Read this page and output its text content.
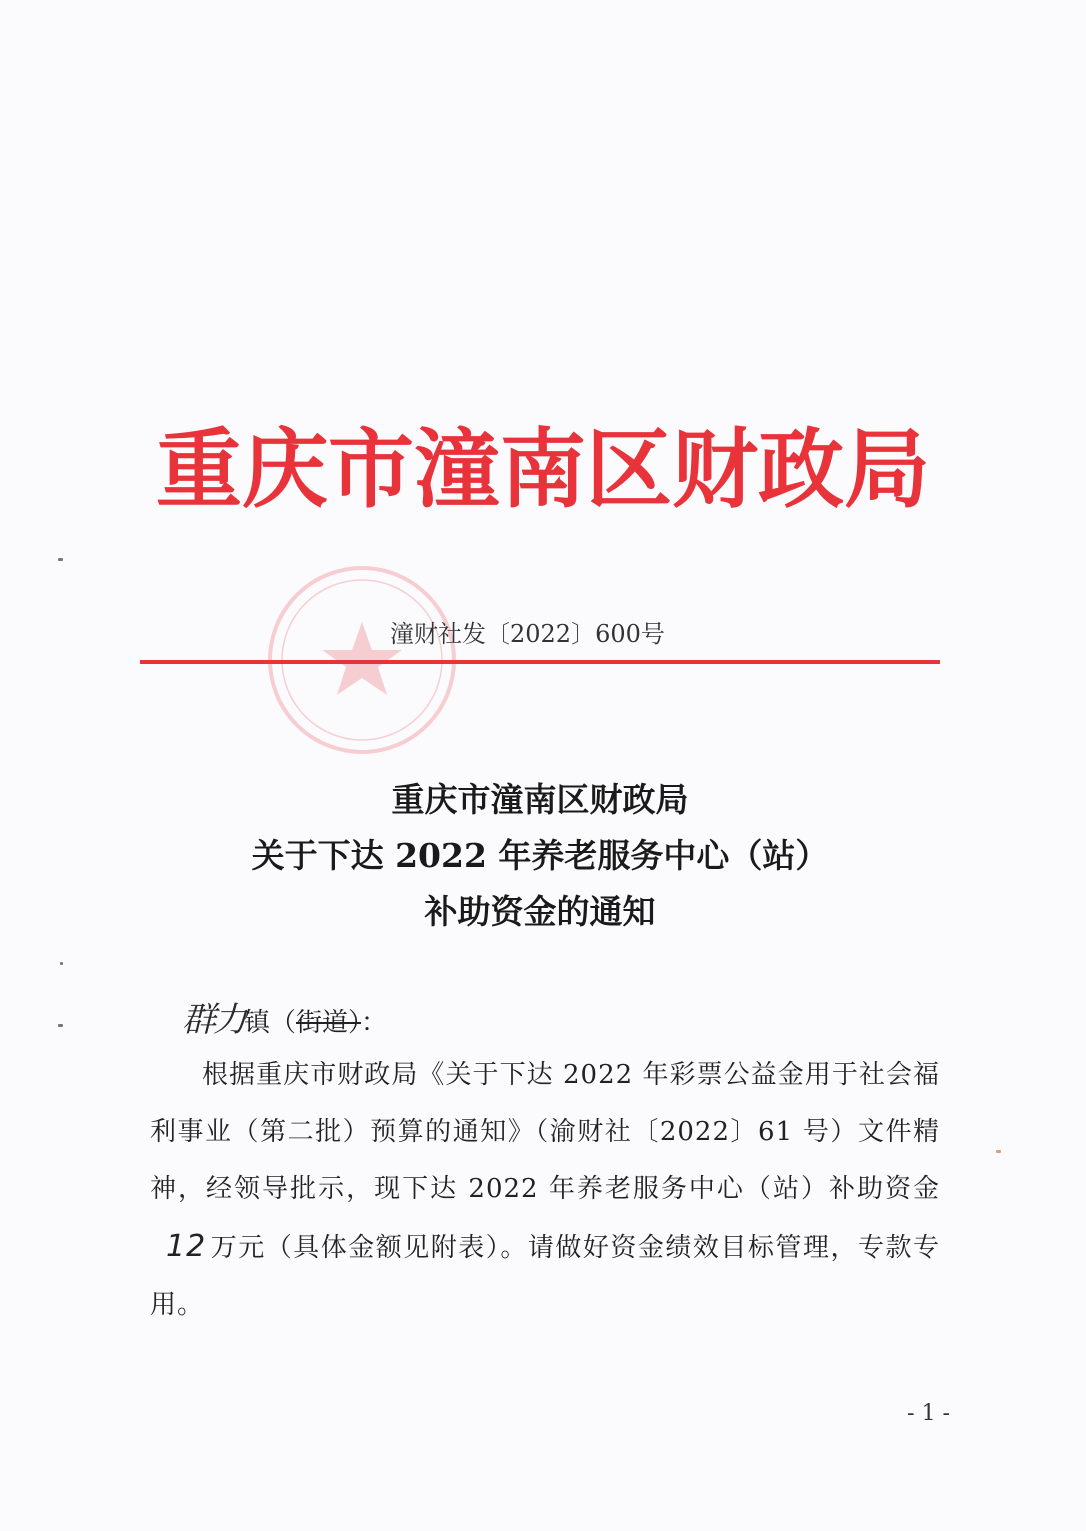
重庆市潼南区财政局
潼财社发〔2022〕600号
重庆市潼南区财政局
关于下达 2022 年养老服务中心（站）
补助资金的通知
群力镇（街道）：
根据重庆市财政局《关于下达 2022 年彩票公益金用于社会福利事业（第二批）预算的通知》（渝财社〔2022〕61 号）文件精神，经领导批示，现下达 2022 年养老服务中心（站）补助资金12 万元（具体金额见附表）。请做好资金绩效目标管理，专款专用。
- 1 -
